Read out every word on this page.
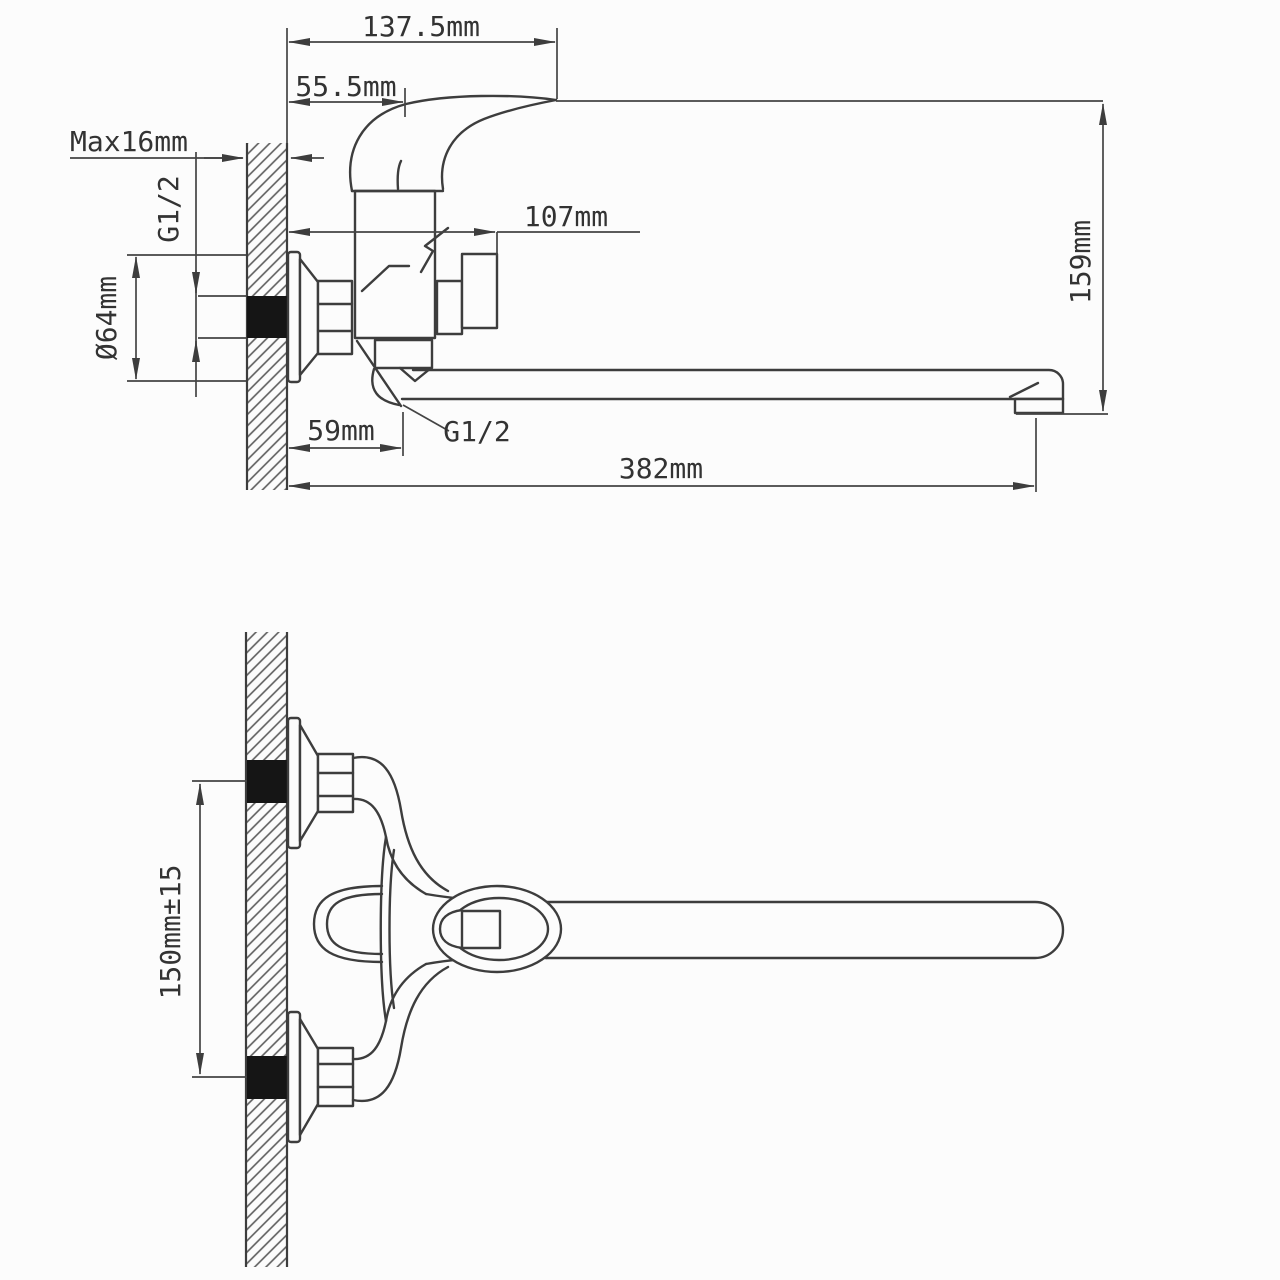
137.5mm
55.5mm
Max16mm
G1/2
Ø64mm
107mm
G1/2
59mm
382mm
159mm
150mm±15
